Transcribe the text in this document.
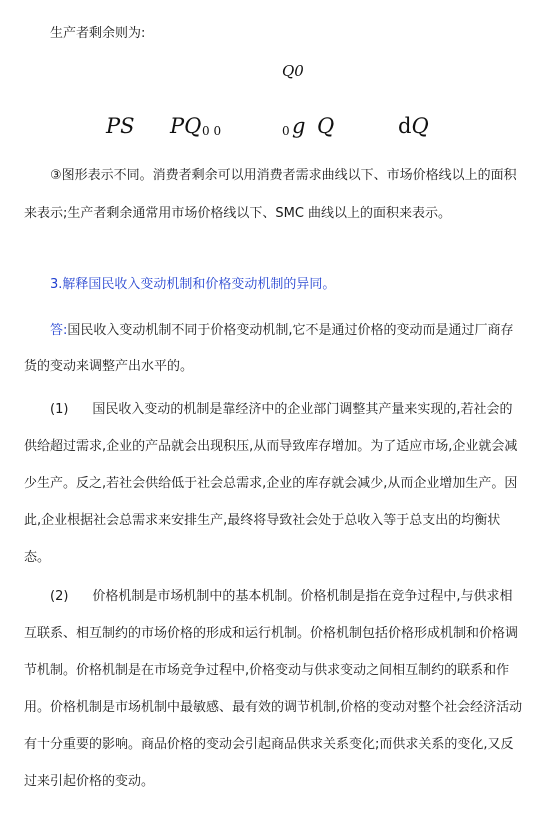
生产者剩余则为:
Q0
PS PQ 0 0	0 g Q	dQ

③图形表示不同。消费者剩余可以用消费者需求曲线以下、市场价格线以上的面积来表示;生产者剩余通常用市场价格线以下、SMC 曲线以上的面积来表示。

3.解释国民收入变动机制和价格变动机制的异同。

答:国民收入变动机制不同于价格变动机制,它不是通过价格的变动而是通过厂商存货的变动来调整产出水平的。

(1) 国民收入变动的机制是靠经济中的企业部门调整其产量来实现的,若社会的供给超过需求,企业的产品就会出现积压,从而导致库存增加。为了适应市场,企业就会减少生产。反之,若社会供给低于社会总需求,企业的库存就会减少,从而企业增加生产。因此,企业根据社会总需求来安排生产,最终将导致社会处于总收入等于总支出的均衡状态。

(2) 价格机制是市场机制中的基本机制。价格机制是指在竞争过程中,与供求相互联系、相互制约的市场价格的形成和运行机制。价格机制包括价格形成机制和价格调节机制。价格机制是在市场竞争过程中,价格变动与供求变动之间相互制约的联系和作用。价格机制是市场机制中最敏感、最有效的调节机制,价格的变动对整个社会经济活动有十分重要的影响。商品价格的变动会引起商品供求关系变化;而供求关系的变化,又反过来引起价格的变动。
